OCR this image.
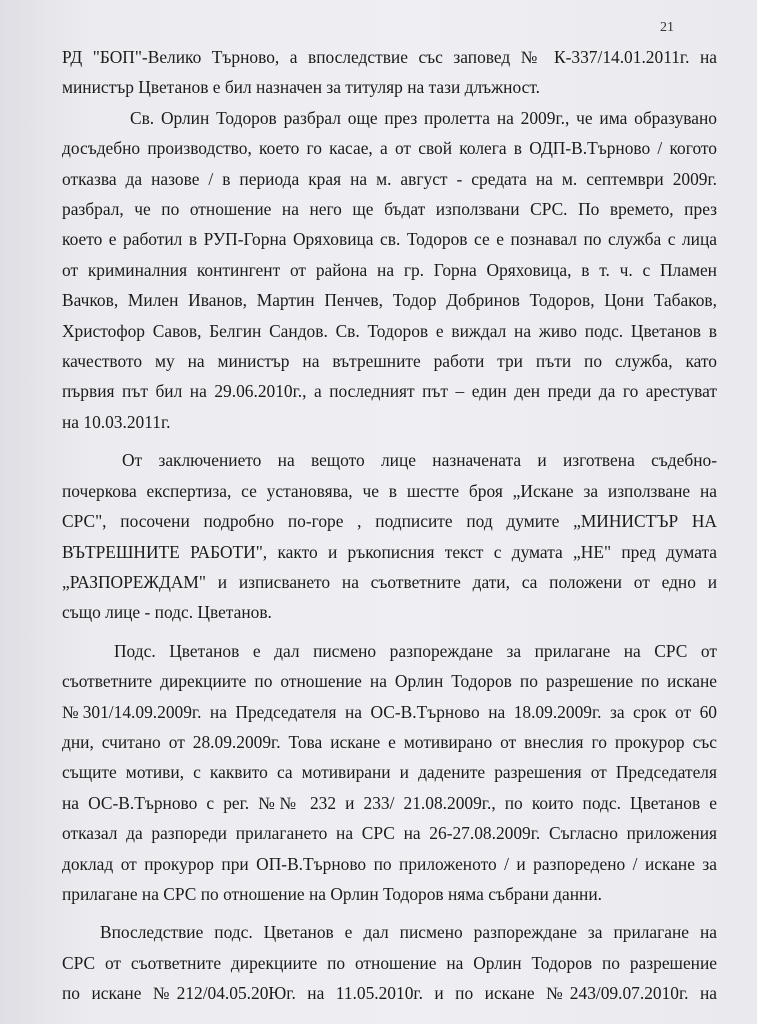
21

РД "БОП"-Велико Търново, а впоследствие със заповед № К-337/14.01.2011г. на
министър Цветанов е бил назначен за титуляр на тази длъжност.

Св. Орлин Тодоров разбрал още през пролетта на 2009г., че има образувано
досъдебно производство, което го касае, а от свой колега в ОДП-В.Търново / когото
отказва да назове / в периода края на м. август - средата на м. септември 2009г.
разбрал, че по отношение на него ще бъдат използвани СРС. По времето, през
което е работил в РУП-Горна Оряховица св. Тодоров се е познавал по служба с лица
от криминалния контингент от района на гр. Горна Оряховица, в т. ч. с Пламен
Вачков, Милен Иванов, Мартин Пенчев, Тодор Добринов Тодоров, Цони Табаков,
Христофор Савов, Белгин Сандов. Св. Тодоров е виждал на живо подс. Цветанов в
качеството му на министър на вътрешните работи три пъти по служба, като
първия път бил на 29.06.2010г., а последният път – един ден преди да го арестуват
на 10.03.2011г.

От заключението на вещото лице назначената и изготвена съдебно-
почеркова експертиза, се установява, че в шестте броя „Искане за използване на
СРС", посочени подробно по-горе , подписите под думите „МИНИСТЪР НА
ВЪТРЕШНИТЕ РАБОТИ", както и ръкописния текст с думата „НЕ" пред думата
„РАЗПОРЕЖДАМ" и изписването на съответните дати, са положени от едно и
също лице - подс. Цветанов.

Подс. Цветанов е дал писмено разпореждане за прилагане на СРС от
съответните дирекциите по отношение на Орлин Тодоров по разрешение по искане
№301/14.09.2009г. на Председателя на ОС-В.Търново на 18.09.2009г. за срок от 60
дни, считано от 28.09.2009г. Това искане е мотивирано от внеслия го прокурор със
същите мотиви, с каквито са мотивирани и дадените разрешения от Председателя
на ОС-В.Търново с рег. №№ 232 и 233/ 21.08.2009г., по които подс. Цветанов е
отказал да разпореди прилагането на СРС на 26-27.08.2009г. Съгласно приложения
доклад от прокурор при ОП-В.Търново по приложеното / и разпоредено / искане за
прилагане на СРС по отношение на Орлин Тодоров няма събрани данни.

Впоследствие подс. Цветанов е дал писмено разпореждане за прилагане на
СРС от съответните дирекциите по отношение на Орлин Тодоров по разрешение
по искане №212/04.05.20Юг. на 11.05.2010г. и по искане №243/09.07.2010г. на
